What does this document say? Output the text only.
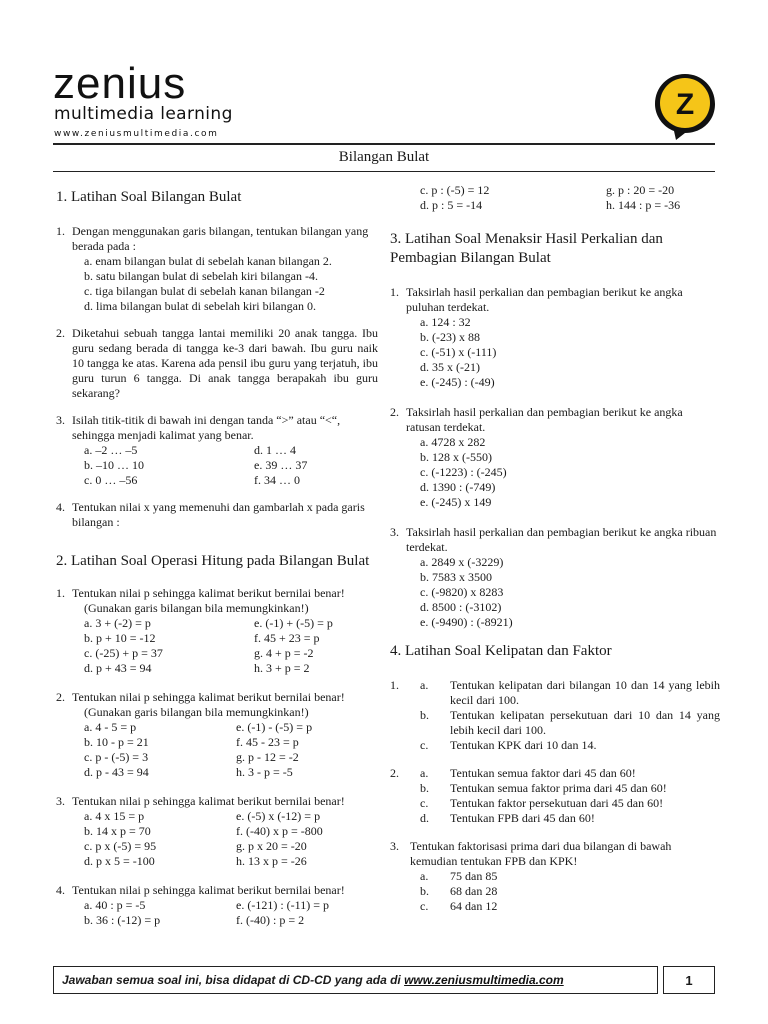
zenius
multimedia learning
www.zeniusmultimedia.com
Z
Bilangan Bulat
1. Latihan Soal Bilangan Bulat
1. Dengan menggunakan garis bilangan, tentukan bilangan yang berada pada :
a. enam bilangan bulat di sebelah kanan bilangan 2.
b. satu bilangan bulat di sebelah kiri bilangan -4.
c. tiga bilangan bulat di sebelah kanan bilangan -2
d. lima bilangan bulat di sebelah kiri bilangan 0.
2. Diketahui sebuah tangga lantai memiliki 20 anak tangga. Ibu guru sedang berada di tangga ke-3 dari bawah. Ibu guru naik 10 tangga ke atas. Karena ada pensil ibu guru yang terjatuh, ibu guru turun 6 tangga. Di anak tangga berapakah ibu guru sekarang?
3. Isilah titik-titik di bawah ini dengan tanda “>” atau “<“, sehingga menjadi kalimat yang benar.
a. –2 … –5	d. 1 … 4
b. –10 … 10	e. 39 … 37
c. 0 … –56	f. 34 … 0
4. Tentukan nilai x yang memenuhi dan gambarlah x pada garis bilangan :
2. Latihan Soal Operasi Hitung pada Bilangan Bulat
1. Tentukan nilai p sehingga kalimat berikut bernilai benar!
(Gunakan garis bilangan bila memungkinkan!)
a. 3 + (-2) = p	e. (-1) + (-5) = p
b. p + 10 = -12	f. 45 + 23 = p
c. (-25) + p = 37	g. 4 + p = -2
d. p + 43 = 94	h. 3 + p = 2
2. Tentukan nilai p sehingga kalimat berikut bernilai benar!
(Gunakan garis bilangan bila memungkinkan!)
a. 4 - 5 = p	e. (-1) - (-5) = p
b. 10 - p = 21	f. 45 - 23 = p
c. p - (-5) = 3	g. p - 12 = -2
d. p - 43 = 94	h. 3 - p = -5
3. Tentukan nilai p sehingga kalimat berikut bernilai benar!
a. 4 x 15 = p	e. (-5) x (-12) = p
b. 14 x p = 70	f. (-40) x p = -800
c. p x (-5) = 95	g. p x 20 = -20
d. p x 5 = -100	h. 13 x p = -26
4. Tentukan nilai p sehingga kalimat berikut bernilai benar!
a. 40 : p = -5	e. (-121) : (-11) = p
b. 36 : (-12) = p	f. (-40) : p = 2
c. p : (-5) = 12	g. p : 20 = -20
d. p : 5 = -14	h. 144 : p = -36
3. Latihan Soal Menaksir Hasil Perkalian dan Pembagian Bilangan Bulat
1. Taksirlah hasil perkalian dan pembagian berikut ke angka puluhan terdekat.
a. 124 : 32
b. (-23) x 88
c. (-51) x (-111)
d. 35 x (-21)
e. (-245) : (-49)
2. Taksirlah hasil perkalian dan pembagian berikut ke angka ratusan terdekat.
a. 4728 x 282
b. 128 x (-550)
c. (-1223) : (-245)
d. 1390 : (-749)
e. (-245) x 149
3. Taksirlah hasil perkalian dan pembagian berikut ke angka ribuan terdekat.
a. 2849 x (-3229)
b. 7583 x 3500
c. (-9820) x 8283
d. 8500 : (-3102)
e. (-9490) : (-8921)
4. Latihan Soal Kelipatan dan Faktor
1.	a.	Tentukan kelipatan dari bilangan 10 dan 14 yang lebih kecil dari 100.
b.	Tentukan kelipatan persekutuan dari 10 dan 14 yang lebih kecil dari 100.
c.	Tentukan KPK dari 10 dan 14.
2.	a.	Tentukan semua faktor dari 45 dan 60!
b.	Tentukan semua faktor prima dari 45 dan 60!
c.	Tentukan faktor persekutuan dari 45 dan 60!
d.	Tentukan FPB dari 45 dan 60!
3. Tentukan faktorisasi prima dari dua bilangan di bawah kemudian tentukan FPB dan KPK!
a.	75 dan 85
b.	68 dan 28
c.	64 dan 12
Jawaban semua soal ini, bisa didapat di CD-CD yang ada di www.zeniusmultimedia.com	1
